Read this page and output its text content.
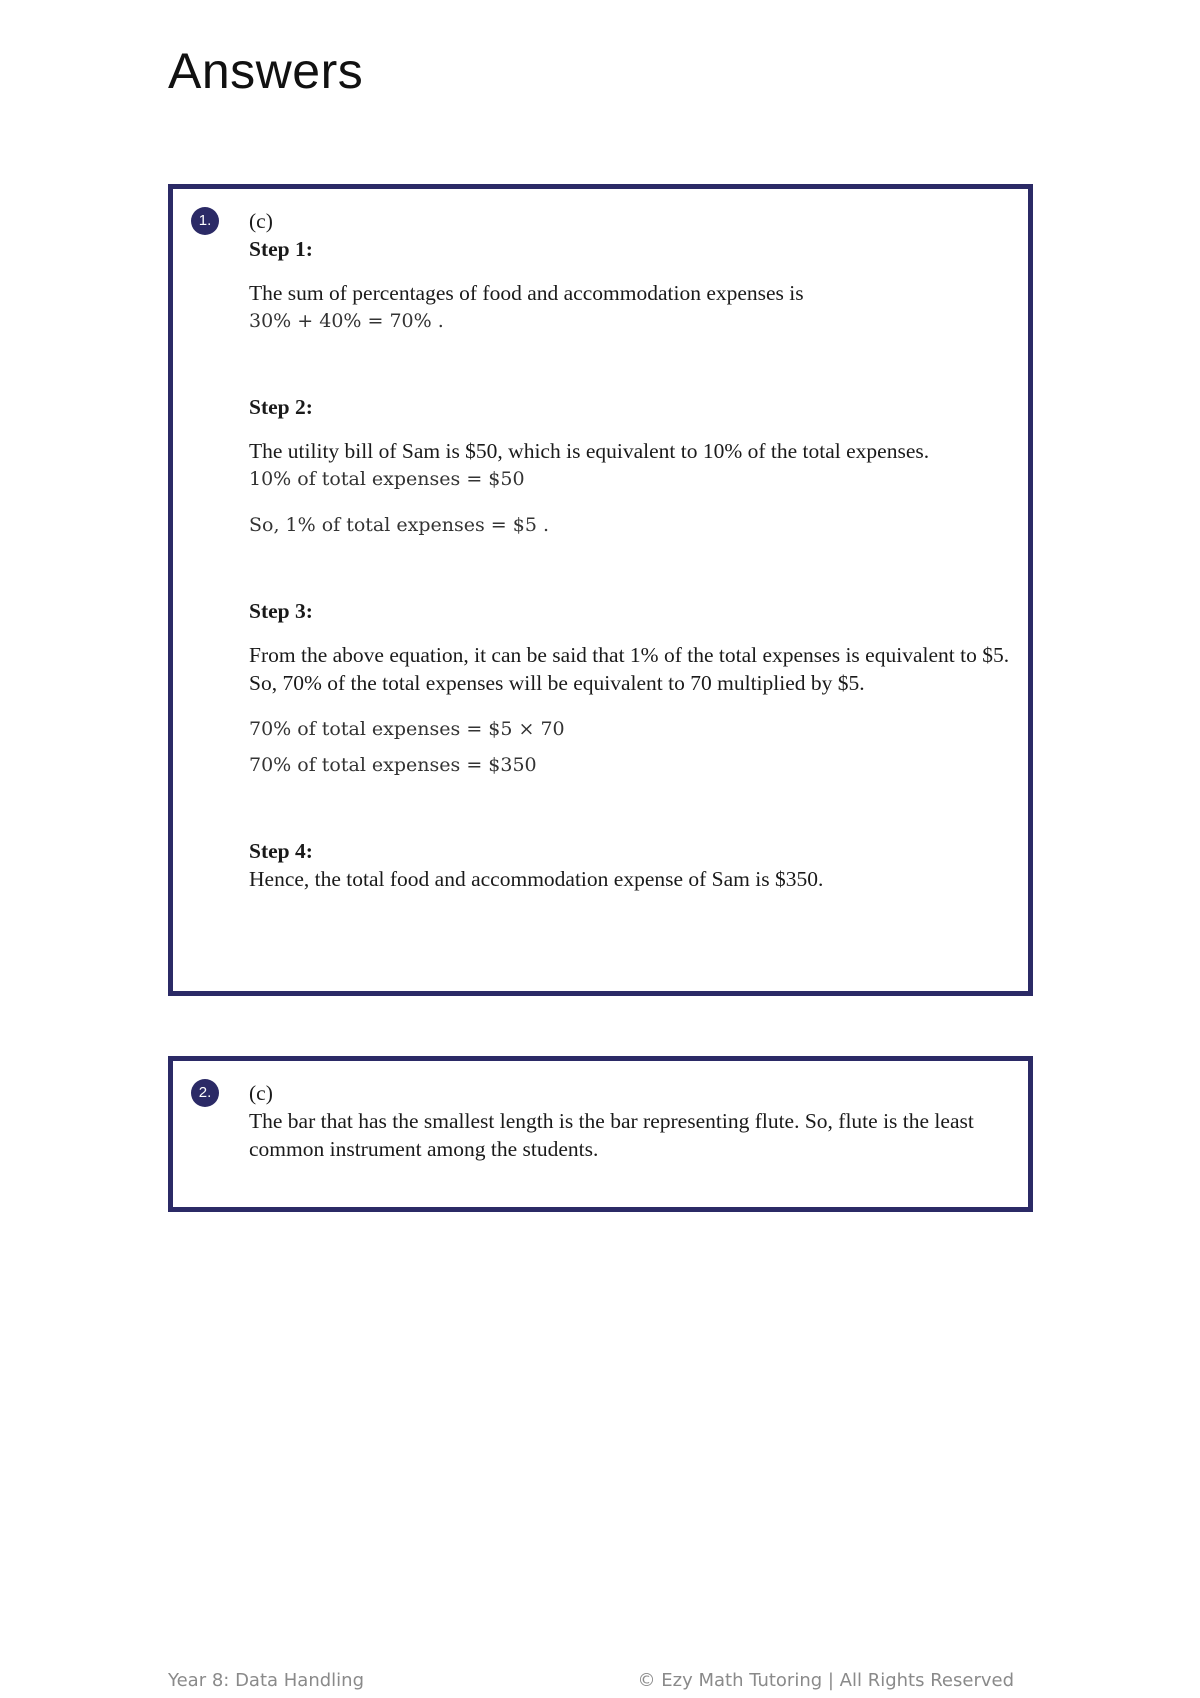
Answers
1.	(c)

Step 1:

The sum of percentages of food and accommodation expenses is

30% + 40% = 70% .

Step 2:

The utility bill of Sam is $50, which is equivalent to 10% of the total expenses.

10% of total expenses = $50

So, 1% of total expenses = $5 .

Step 3:

From the above equation, it can be said that 1% of the total expenses is equivalent to $5. So, 70% of the total expenses will be equivalent to 70 multiplied by $5.

70% of total expenses = $5 × 70

70% of total expenses = $350

Step 4:

Hence, the total food and accommodation expense of Sam is $350.

2.	(c)

The bar that has the smallest length is the bar representing flute. So, flute is the least common instrument among the students.

Year 8: Data Handling	© Ezy Math Tutoring | All Rights Reserved
